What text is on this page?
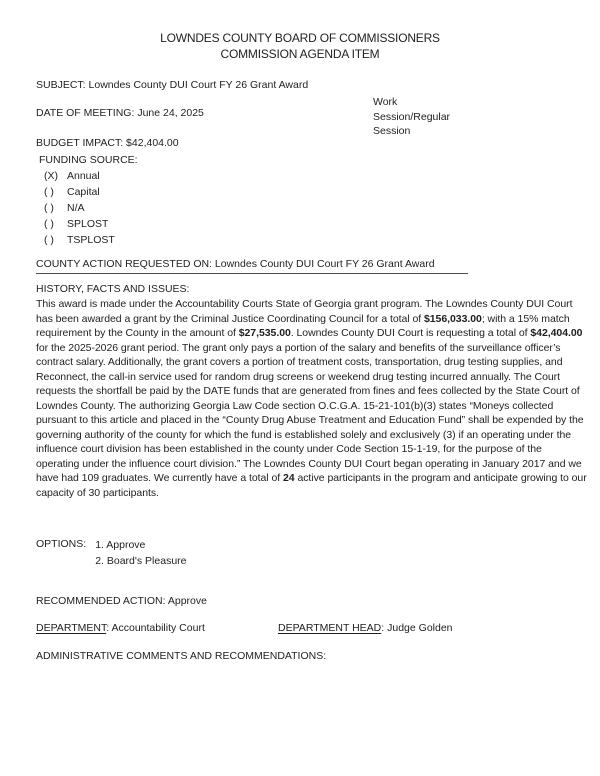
LOWNDES COUNTY BOARD OF COMMISSIONERS
COMMISSION AGENDA ITEM
SUBJECT: Lowndes County DUI Court FY 26 Grant Award
Work Session/Regular Session
DATE OF MEETING: June 24, 2025
BUDGET IMPACT: $42,404.00
FUNDING SOURCE:
(X) Annual
( ) Capital
( ) N/A
( ) SPLOST
( ) TSPLOST
COUNTY ACTION REQUESTED ON: Lowndes County DUI Court FY 26 Grant Award
HISTORY, FACTS AND ISSUES:
This award is made under the Accountability Courts State of Georgia grant program. The Lowndes County DUI Court has been awarded a grant by the Criminal Justice Coordinating Council for a total of $156,033.00; with a 15% match requirement by the County in the amount of $27,535.00. Lowndes County DUI Court is requesting a total of $42,404.00 for the 2025-2026 grant period. The grant only pays a portion of the salary and benefits of the surveillance officer’s contract salary. Additionally, the grant covers a portion of treatment costs, transportation, drug testing supplies, and Reconnect, the call-in service used for random drug screens or weekend drug testing incurred annually. The Court requests the shortfall be paid by the DATE funds that are generated from fines and fees collected by the State Court of Lowndes County. The authorizing Georgia Law Code section O.C.G.A. 15-21-101(b)(3) states “Moneys collected pursuant to this article and placed in the “County Drug Abuse Treatment and Education Fund” shall be expended by the governing authority of the county for which the fund is established solely and exclusively (3) if an operating under the influence court division has been established in the county under Code Section 15-1-19, for the purpose of the operating under the influence court division.” The Lowndes County DUI Court began operating in January 2017 and we have had 109 graduates. We currently have a total of 24 active participants in the program and anticipate growing to our capacity of 30 participants.
OPTIONS: 1. Approve
2. Board's Pleasure
RECOMMENDED ACTION: Approve
DEPARTMENT: Accountability Court	DEPARTMENT HEAD: Judge Golden
ADMINISTRATIVE COMMENTS AND RECOMMENDATIONS:
